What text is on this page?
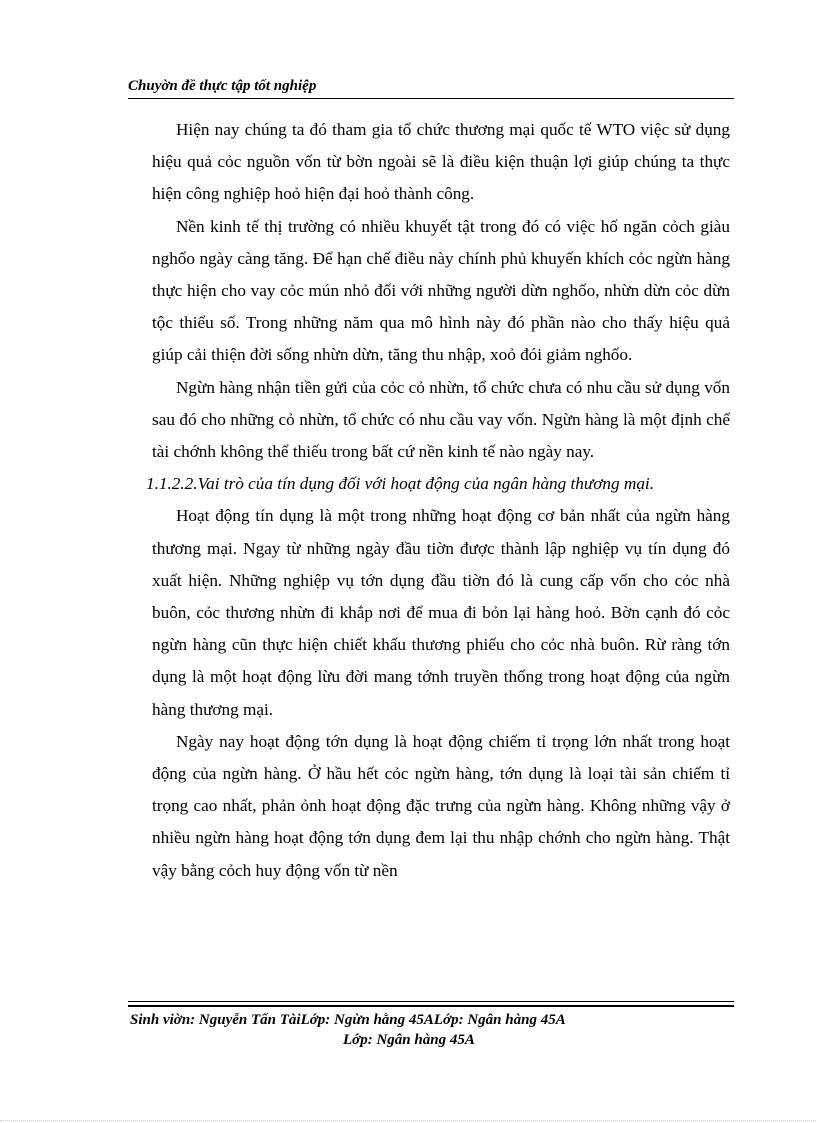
Chuyờn đề thực tập tốt nghiệp

Hiện nay chúng ta đó tham gia tổ chức thương mại quốc tế WTO việc sử dụng hiệu quả cỏc nguồn vốn từ bờn ngoài sẽ là điều kiện thuận lợi giúp chúng ta thực hiện công nghiệp hoỏ hiện đại hoỏ thành công.

Nền kinh tế thị trường có nhiều khuyết tật trong đó có việc hố ngăn cỏch giàu nghốo ngày càng tăng. Để hạn chế điều này chính phủ khuyến khích cỏc ngừn hàng thực hiện cho vay cỏc mún nhỏ đối với những người dừn nghốo, nhừn dừn cỏc dừn tộc thiểu số. Trong những năm qua mô hình này đó phần nào cho thấy hiệu quả giúp cải thiện đời sống nhừn dừn, tăng thu nhập, xoỏ đói giảm nghốo.

Ngừn hàng nhận tiền gửi của cỏc cỏ nhừn, tổ chức chưa có nhu cầu sử dụng vốn sau đó cho những cỏ nhừn, tổ chức có nhu cầu vay vốn. Ngừn hàng là một định chế tài chớnh không thể thiếu trong bất cứ nền kinh tế nào ngày nay.

1.1.2.2.Vai trò của tín dụng đối với hoạt động của ngân hàng thương mại.

Hoạt động tín dụng là một trong những hoạt động cơ bản nhất của ngừn hàng thương mại. Ngay từ những ngày đầu tiờn được thành lập nghiệp vụ tín dụng đó xuất hiện. Những nghiệp vụ tớn dụng đầu tiờn đó là cung cấp vốn cho cỏc nhà buôn, cỏc thương nhừn đi khắp nơi để mua đi bỏn lại hàng hoỏ. Bờn cạnh đó cỏc ngừn hàng cũn thực hiện chiết khấu thương phiếu cho cỏc nhà buôn. Rừ ràng tớn dụng là một hoạt động lừu đời mang tớnh truyền thống trong hoạt động của ngừn hàng thương mại.

Ngày nay hoạt động tớn dụng là hoạt động chiếm tỉ trọng lớn nhất trong hoạt động của ngừn hàng. Ở hầu hết cỏc ngừn hàng, tớn dụng là loại tài sản chiếm tỉ trọng cao nhất, phản ỏnh hoạt động đặc trưng của ngừn hàng. Không những vậy ở nhiều ngừn hàng hoạt động tớn dụng đem lại thu nhập chớnh cho ngừn hàng. Thật vậy bằng cỏch huy động vốn từ nền

Sinh viờn: Nguyễn Tấn TàiLớp: Ngừn hằng 45ALớp: Ngân hàng 45A
Lớp: Ngân hàng 45A
